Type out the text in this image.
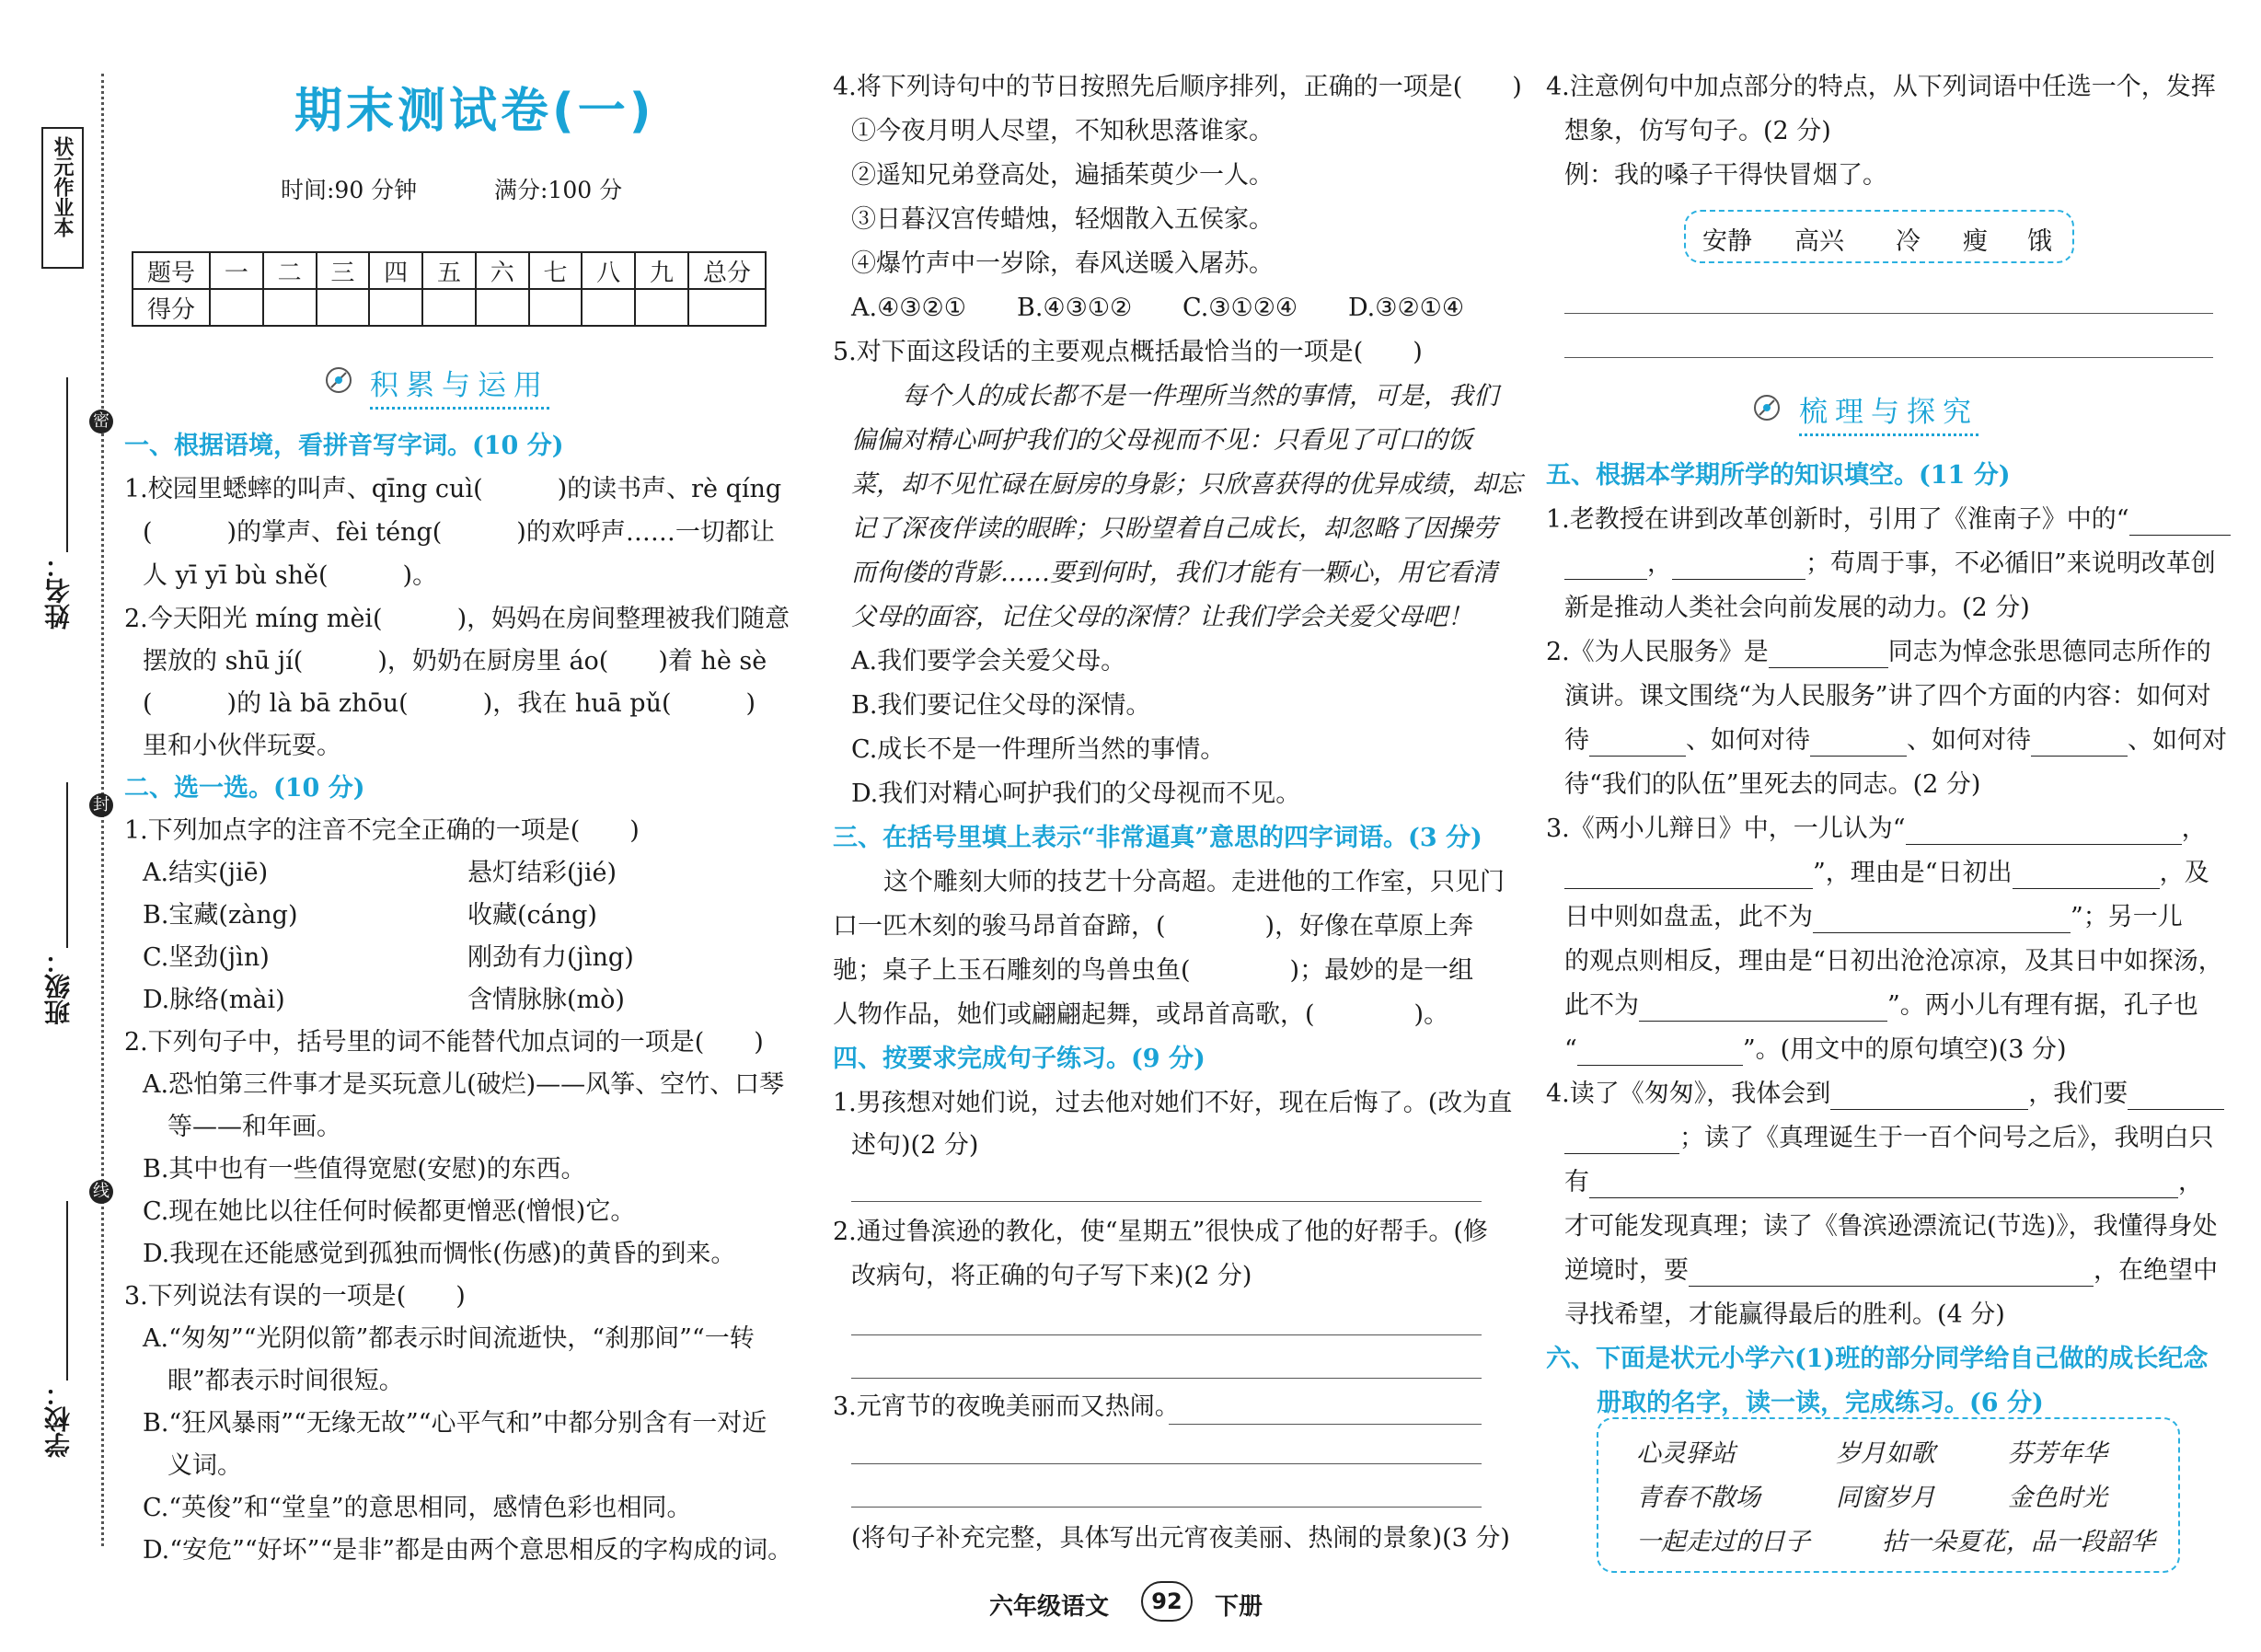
状元作业本
密
封
线
姓名：
班级：
学校：
期末测试卷(一)
时间:90 分钟	满分:100 分
题号	一	二	三	四	五	六	七	八	九	总分
得分										
积累与运用
一、根据语境，看拼音写字词。(10 分)
1.校园里蟋蟀的叫声、qīng cuì(　　　)的读书声、rè qíng
(　　　)的掌声、fèi téng(　　　)的欢呼声……一切都让
人 yī yī bù shě(　　　)。
2.今天阳光 míng mèi(　　　)，妈妈在房间整理被我们随意
摆放的 shū jí(　　　)，奶奶在厨房里 áo(　　)着 hè sè
(　　　)的 là bā zhōu(　　　)，我在 huā pǔ(　　　)
里和小伙伴玩耍。
二、选一选。(10 分)
1.下列加点字的注音不完全正确的一项是(　　)
A.结实(jiē)	悬灯结彩(jié)
B.宝藏(zàng)	收藏(cáng)
C.坚劲(jìn)	刚劲有力(jìng)
D.脉络(mài)	含情脉脉(mò)
2.下列句子中，括号里的词不能替代加点词的一项是(　　)
A.恐怕第三件事才是买玩意儿(破烂)——风筝、空竹、口琴
等——和年画。
B.其中也有一些值得宽慰(安慰)的东西。
C.现在她比以往任何时候都更憎恶(憎恨)它。
D.我现在还能感觉到孤独而惆怅(伤感)的黄昏的到来。
3.下列说法有误的一项是(　　)
A.“匆匆”“光阴似箭”都表示时间流逝快，“刹那间”“一转
眼”都表示时间很短。
B.“狂风暴雨”“无缘无故”“心平气和”中都分别含有一对近
义词。
C.“英俊”和“堂皇”的意思相同，感情色彩也相同。
D.“安危”“好坏”“是非”都是由两个意思相反的字构成的词。
4.将下列诗句中的节日按照先后顺序排列，正确的一项是(　　)
①今夜月明人尽望，不知秋思落谁家。
②遥知兄弟登高处，遍插茱萸少一人。
③日暮汉宫传蜡烛，轻烟散入五侯家。
④爆竹声中一岁除，春风送暖入屠苏。
A.④③②① B.④③①② C.③①②④ D.③②①④
5.对下面这段话的主要观点概括最恰当的一项是(　　)
每个人的成长都不是一件理所当然的事情，可是，我们
偏偏对精心呵护我们的父母视而不见：只看见了可口的饭
菜，却不见忙碌在厨房的身影；只欣喜获得的优异成绩，却忘
记了深夜伴读的眼眸；只盼望着自己成长，却忽略了因操劳
而佝偻的背影……要到何时，我们才能有一颗心，用它看清
父母的面容，记住父母的深情？让我们学会关爱父母吧！
A.我们要学会关爱父母。
B.我们要记住父母的深情。
C.成长不是一件理所当然的事情。
D.我们对精心呵护我们的父母视而不见。
三、在括号里填上表示“非常逼真”意思的四字词语。(3 分)
这个雕刻大师的技艺十分高超。走进他的工作室，只见门
口一匹木刻的骏马昂首奋蹄，(　　　　)，好像在草原上奔
驰；桌子上玉石雕刻的鸟兽虫鱼(　　　　)；最妙的是一组
人物作品，她们或翩翩起舞，或昂首高歌，(　　　　)。
四、按要求完成句子练习。(9 分)
1.男孩想对她们说，过去他对她们不好，现在后悔了。(改为直
述句)(2 分)
2.通过鲁滨逊的教化，使“星期五”很快成了他的好帮手。(修
改病句，将正确的句子写下来)(2 分)
3.元宵节的夜晚美丽而又热闹。
(将句子补充完整，具体写出元宵夜美丽、热闹的景象)(3 分)
4.注意例句中加点部分的特点，从下列词语中任选一个，发挥
想象，仿写句子。(2 分)
例：我的嗓子干得快冒烟了。
安静 高兴 冷 瘦 饿
梳理与探究
五、根据本学期所学的知识填空。(11 分)
1.老教授在讲到改革创新时，引用了《淮南子》中的“
，	；苟周于事，不必循旧”来说明改革创
新是推动人类社会向前发展的动力。(2 分)
2.《为人民服务》是	同志为悼念张思德同志所作的
演讲。课文围绕“为人民服务”讲了四个方面的内容：如何对
待	、如何对待	、如何对待	、如何对
待“我们的队伍”里死去的同志。(2 分)
3.《两小儿辩日》中，一儿认为“	，
”，理由是“日初出	，及
日中则如盘盂，此不为	”；另一儿
的观点则相反，理由是“日初出沧沧凉凉，及其日中如探汤，
此不为	”。两小儿有理有据，孔子也
“	”。(用文中的原句填空)(3 分)
4.读了《匆匆》，我体会到	，我们要
；读了《真理诞生于一百个问号之后》，我明白只
有	，
才可能发现真理；读了《鲁滨逊漂流记(节选)》，我懂得身处
逆境时，要	，在绝望中
寻找希望，才能赢得最后的胜利。(4 分)
六、下面是状元小学六(1)班的部分同学给自己做的成长纪念
册取的名字，读一读，完成练习。(6 分)
心灵驿站	岁月如歌	芬芳年华
青春不散场	同窗岁月	金色时光
一起走过的日子	拈一朵夏花，品一段韶华
六年级语文	92	下册
